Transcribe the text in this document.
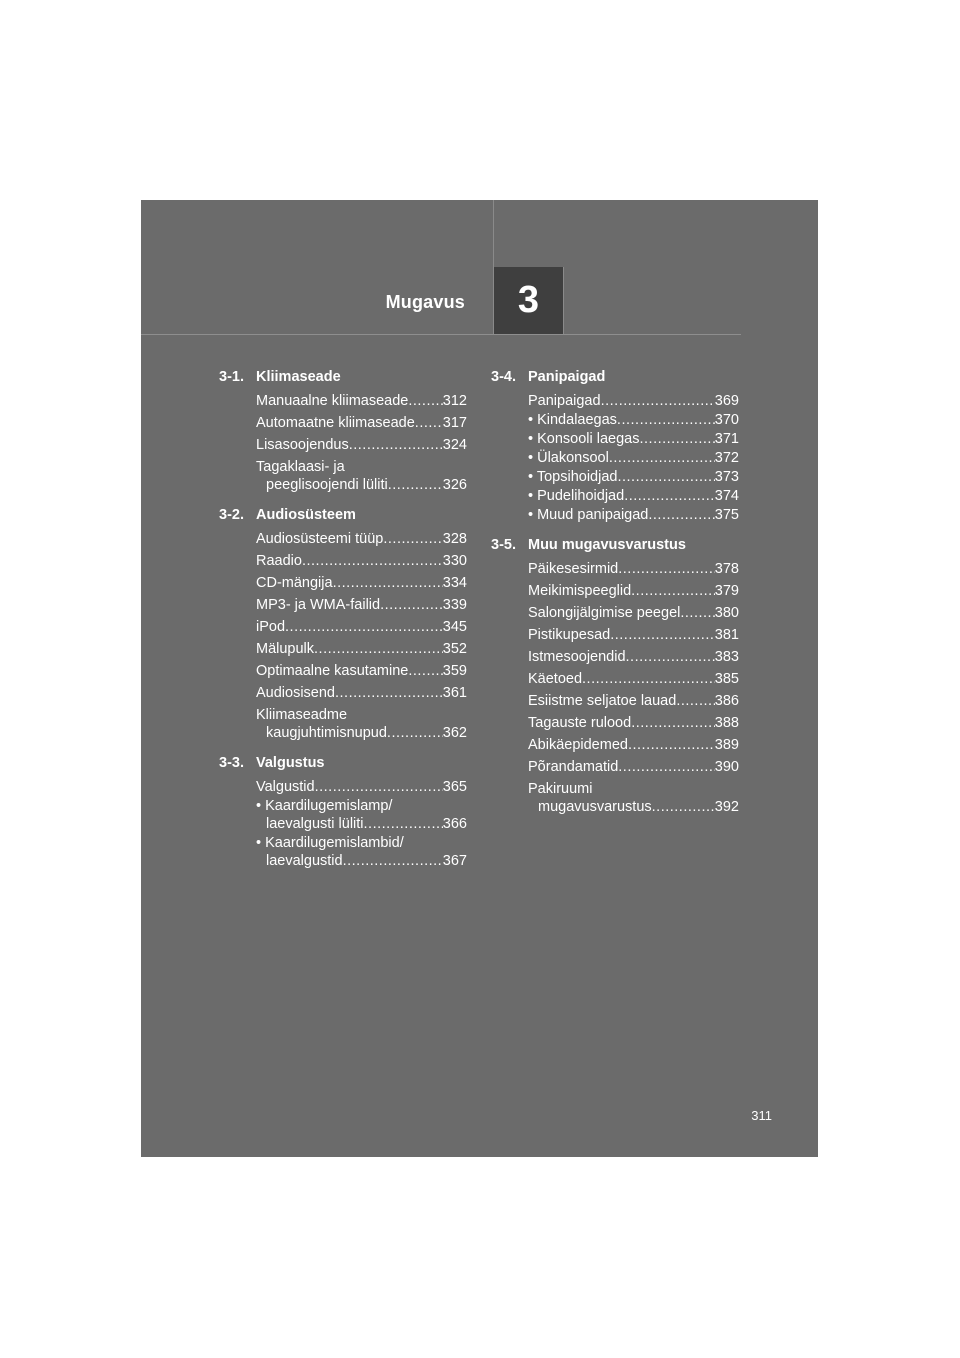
Mugavus 3
3-1. Kliimaseade
Manuaalne kliimaseade ..... 312
Automaatne kliimaseade ..... 317
Lisasoojendus .....	324
Tagaklaasi- ja
peeglisoojendi lüliti .....	326
3-2. Audiosüsteem
Audiosüsteemi tüüp .....	328
Raadio .....	330
CD-mängija .....	334
MP3- ja WMA-failid .....	339
iPod .....	345
Mälupulk .....	352
Optimaalne kasutamine ..... 359
Audiosisend .....	361
Kliimaseadme
kaugjuhtimisnupud .....	362
3-3. Valgustus
Valgustid .....	365
• Kaardilugemislamp/
laevalgusti lüliti .....	366
• Kaardilugemislambid/
laevalgustid .....	367
3-4. Panipaigad
Panipaigad .....	369
• Kindalaegas .....	370
• Konsooli laegas .....	371
• Ülakonsool .....	372
• Topsihoidjad .....	373
• Pudelihoidjad .....	374
• Muud panipaigad .....	375
3-5. Muu mugavusvarustus
Päikesesirmid .....	378
Meikimispeeglid .....	379
Salongijälgimise peegel ..... 380
Pistikupesad .....	381
Istmesoojendid .....	383
Käetoed .....	385
Esiistme seljatoe lauad .....	386
Tagauste rulood .....	388
Abikäepidemed .....	389
Põrandamatid .....	390
Pakiruumi
mugavusvarustus .....	392
311
